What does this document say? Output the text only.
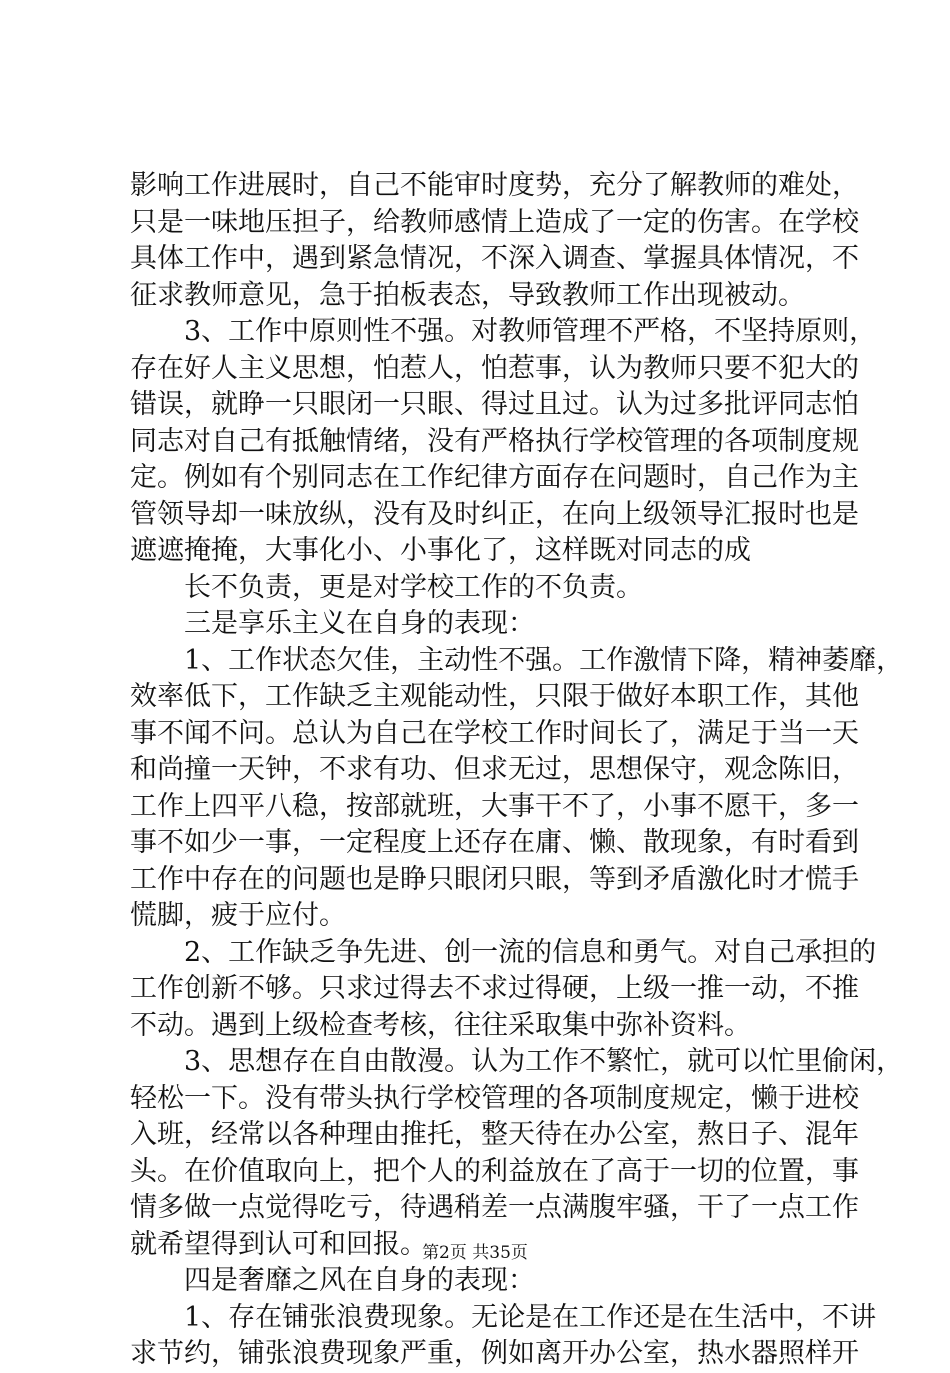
影响工作进展时，自己不能审时度势，充分了解教师的难处，
只是一味地压担子，给教师感情上造成了一定的伤害。在学校
具体工作中，遇到紧急情况，不深入调查、掌握具体情况，不
征求教师意见，急于拍板表态，导致教师工作出现被动。
3、工作中原则性不强。对教师管理不严格，不坚持原则，
存在好人主义思想，怕惹人，怕惹事，认为教师只要不犯大的
错误，就睁一只眼闭一只眼、得过且过。认为过多批评同志怕
同志对自己有抵触情绪，没有严格执行学校管理的各项制度规
定。例如有个别同志在工作纪律方面存在问题时，自己作为主
管领导却一味放纵，没有及时纠正，在向上级领导汇报时也是
遮遮掩掩，大事化小、小事化了，这样既对同志的成
长不负责，更是对学校工作的不负责。
三是享乐主义在自身的表现：
1、工作状态欠佳，主动性不强。工作激情下降，精神萎靡，
效率低下，工作缺乏主观能动性，只限于做好本职工作，其他
事不闻不问。总认为自己在学校工作时间长了，满足于当一天
和尚撞一天钟，不求有功、但求无过，思想保守，观念陈旧，
工作上四平八稳，按部就班，大事干不了，小事不愿干，多一
事不如少一事，一定程度上还存在庸、懒、散现象，有时看到
工作中存在的问题也是睁只眼闭只眼，等到矛盾激化时才慌手
慌脚，疲于应付。
2、工作缺乏争先进、创一流的信息和勇气。对自己承担的
工作创新不够。只求过得去不求过得硬，上级一推一动，不推
不动。遇到上级检查考核，往往采取集中弥补资料。
3、思想存在自由散漫。认为工作不繁忙，就可以忙里偷闲，
轻松一下。没有带头执行学校管理的各项制度规定，懒于进校
入班，经常以各种理由推托，整天待在办公室，熬日子、混年
头。在价值取向上，把个人的利益放在了高于一切的位置，事
情多做一点觉得吃亏，待遇稍差一点满腹牢骚，干了一点工作
就希望得到认可和回报。
四是奢靡之风在自身的表现：
1、存在铺张浪费现象。无论是在工作还是在生活中，不讲
求节约，铺张浪费现象严重，例如离开办公室，热水器照样开
第2页 共35页
